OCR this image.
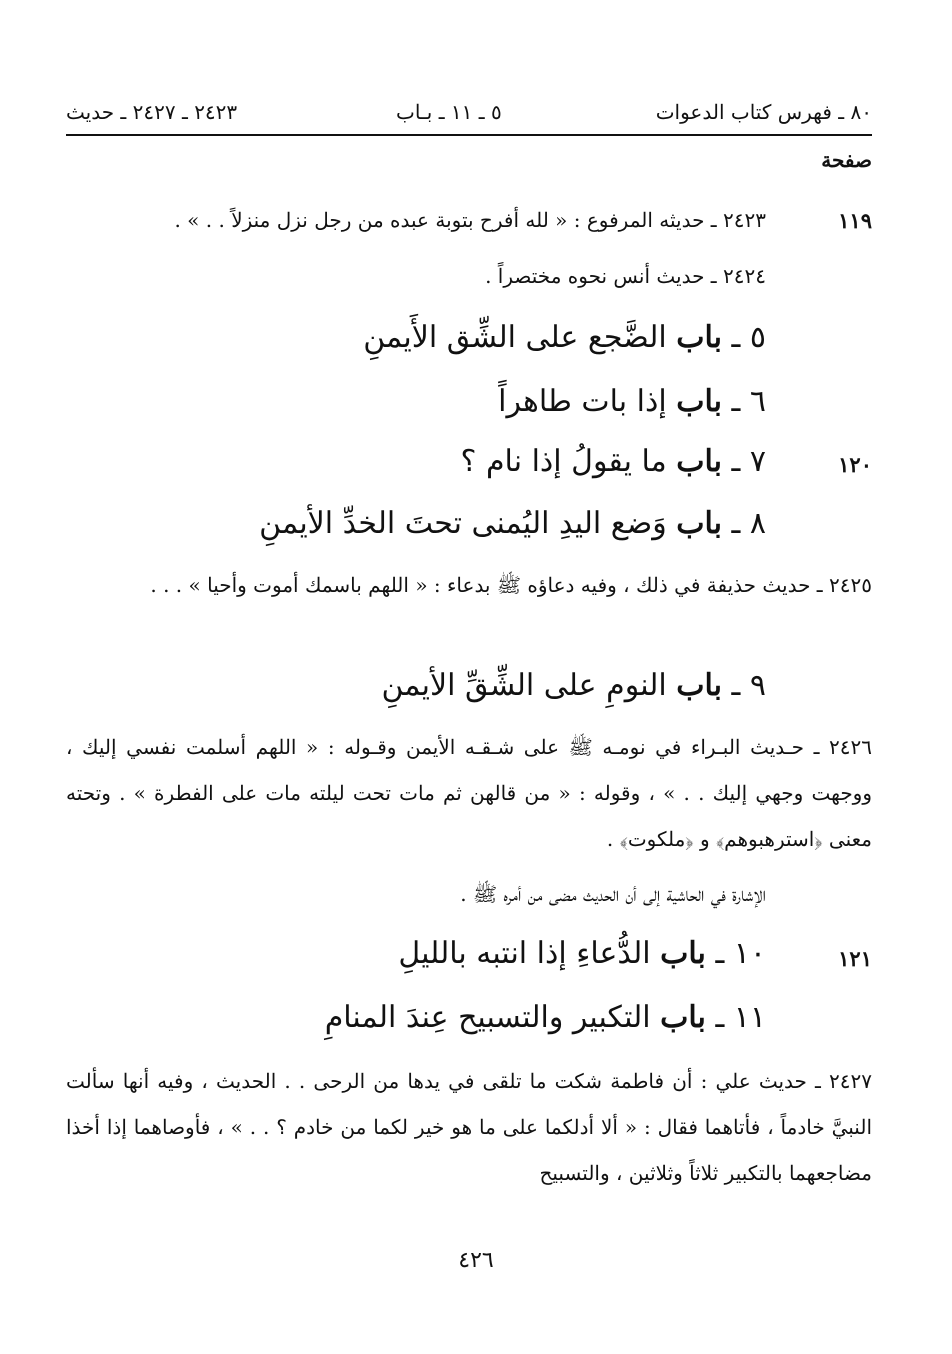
٨٠ ـ فهرس كتاب الدعوات
٥ ـ ١١ ـ بـاب
٢٤٢٣ ـ ٢٤٢٧ ـ حديث
صفحة
١١٩
٢٤٢٣ ـ حديثه المرفوع : « لله أفرح بتوبة عبده من رجل نزل منزلاً . . » .
٢٤٢٤ ـ حديث أنس نحوه مختصراً .
٥ ـ باب الضَّجع على الشِّق الأَيمنِ
٦ ـ باب إذا بات طاهراً
١٢٠
٧ ـ باب ما يقولُ إذا نام ؟
٨ ـ باب وَضع اليدِ اليُمنى تحتَ الخدِّ الأيمنِ
٢٤٢٥ ـ حديث حذيفة في ذلك ، وفيه دعاؤه ﷺ بدعاء : « اللهم باسمك أموت وأحيا » . . .
٩ ـ باب النومِ على الشِّقِّ الأيمنِ
٢٤٢٦ ـ حـديث البـراء في نومـه ﷺ على شـقـه الأيمن وقـوله : « اللهم أسلمت نفسي إليك ، ووجهت وجهي إليك . . » ، وقوله : « من قالهن ثم مات تحت ليلته مات على الفطرة » . وتحته معنى ﴿استرهبوهم﴾ و ﴿ملكوت﴾ .
الإشارة في الحاشية إلى أن الحديث مضى من أمره ﷺ .
١٢١
١٠ ـ باب الدُّعاءِ إذا انتبه بالليلِ
١١ ـ باب التكبير والتسبيح عِندَ المنامِ
٢٤٢٧ ـ حديث علي : أن فاطمة شكت ما تلقى في يدها من الرحى . . الحديث ، وفيه أنها سألت النبيَّ خادماً ، فأتاهما فقال : « ألا أدلكما على ما هو خير لكما من خادم ؟ . . » ، فأوصاهما إذا أخذا مضاجعهما بالتكبير ثلاثاً وثلاثين ، والتسبيح
٤٢٦
